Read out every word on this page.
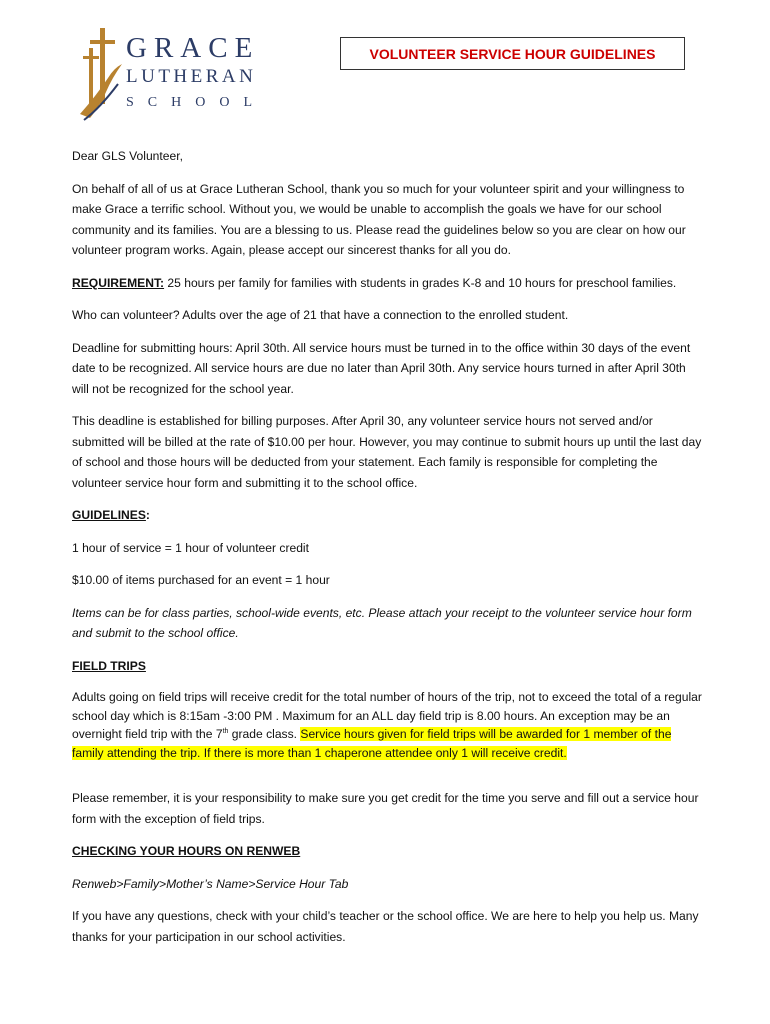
GRACE
LUTHERAN
SCHOOL
VOLUNTEER SERVICE HOUR GUIDELINES

Dear GLS Volunteer,

On behalf of all of us at Grace Lutheran School, thank you so much for your volunteer spirit and your willingness to make Grace a terrific school. Without you, we would be unable to accomplish the goals we have for our school community and its families. You are a blessing to us. Please read the guidelines below so you are clear on how our volunteer program works. Again, please accept our sincerest thanks for all you do.

REQUIREMENT: 25 hours per family for families with students in grades K-8 and 10 hours for preschool families.

Who can volunteer? Adults over the age of 21 that have a connection to the enrolled student.

Deadline for submitting hours: April 30th. All service hours must be turned in to the office within 30 days of the event date to be recognized. All service hours are due no later than April 30th. Any service hours turned in after April 30th will not be recognized for the school year.

This deadline is established for billing purposes. After April 30, any volunteer service hours not served and/or submitted will be billed at the rate of $10.00 per hour. However, you may continue to submit hours up until the last day of school and those hours will be deducted from your statement. Each family is responsible for completing the volunteer service hour form and submitting it to the school office.

GUIDELINES:

1 hour of service = 1 hour of volunteer credit

$10.00 of items purchased for an event = 1 hour

Items can be for class parties, school-wide events, etc. Please attach your receipt to the volunteer service hour form and submit to the school office.

FIELD TRIPS

Adults going on field trips will receive credit for the total number of hours of the trip, not to exceed the total of a regular school day which is 8:15am -3:00 PM . Maximum for an ALL day field trip is 8.00 hours. An exception may be an overnight field trip with the 7th grade class. Service hours given for field trips will be awarded for 1 member of the family attending the trip. If there is more than 1 chaperone attendee only 1 will receive credit.

Please remember, it is your responsibility to make sure you get credit for the time you serve and fill out a service hour form with the exception of field trips.

CHECKING YOUR HOURS ON RENWEB

Renweb>Family>Mother’s Name>Service Hour Tab

If you have any questions, check with your child’s teacher or the school office. We are here to help you help us. Many thanks for your participation in our school activities.
